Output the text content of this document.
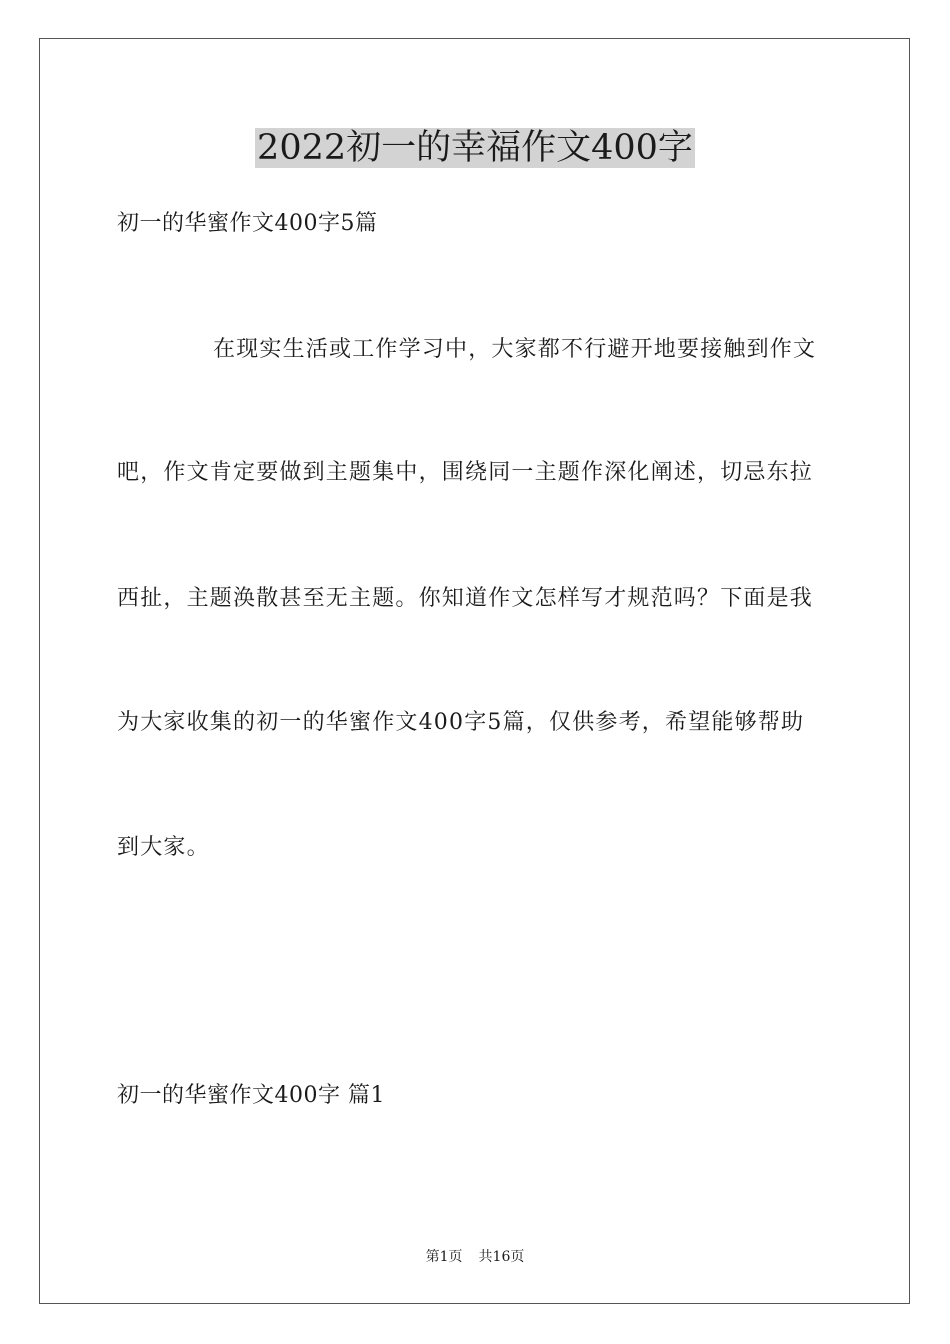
2022初一的幸福作文400字
初一的华蜜作文400字5篇
在现实生活或工作学习中，大家都不行避开地要接触到作文
吧，作文肯定要做到主题集中，围绕同一主题作深化阐述，切忌东拉
西扯，主题涣散甚至无主题。你知道作文怎样写才规范吗？下面是我
为大家收集的初一的华蜜作文400字5篇，仅供参考，希望能够帮助
到大家。
初一的华蜜作文400字 篇1
第1页 共16页
